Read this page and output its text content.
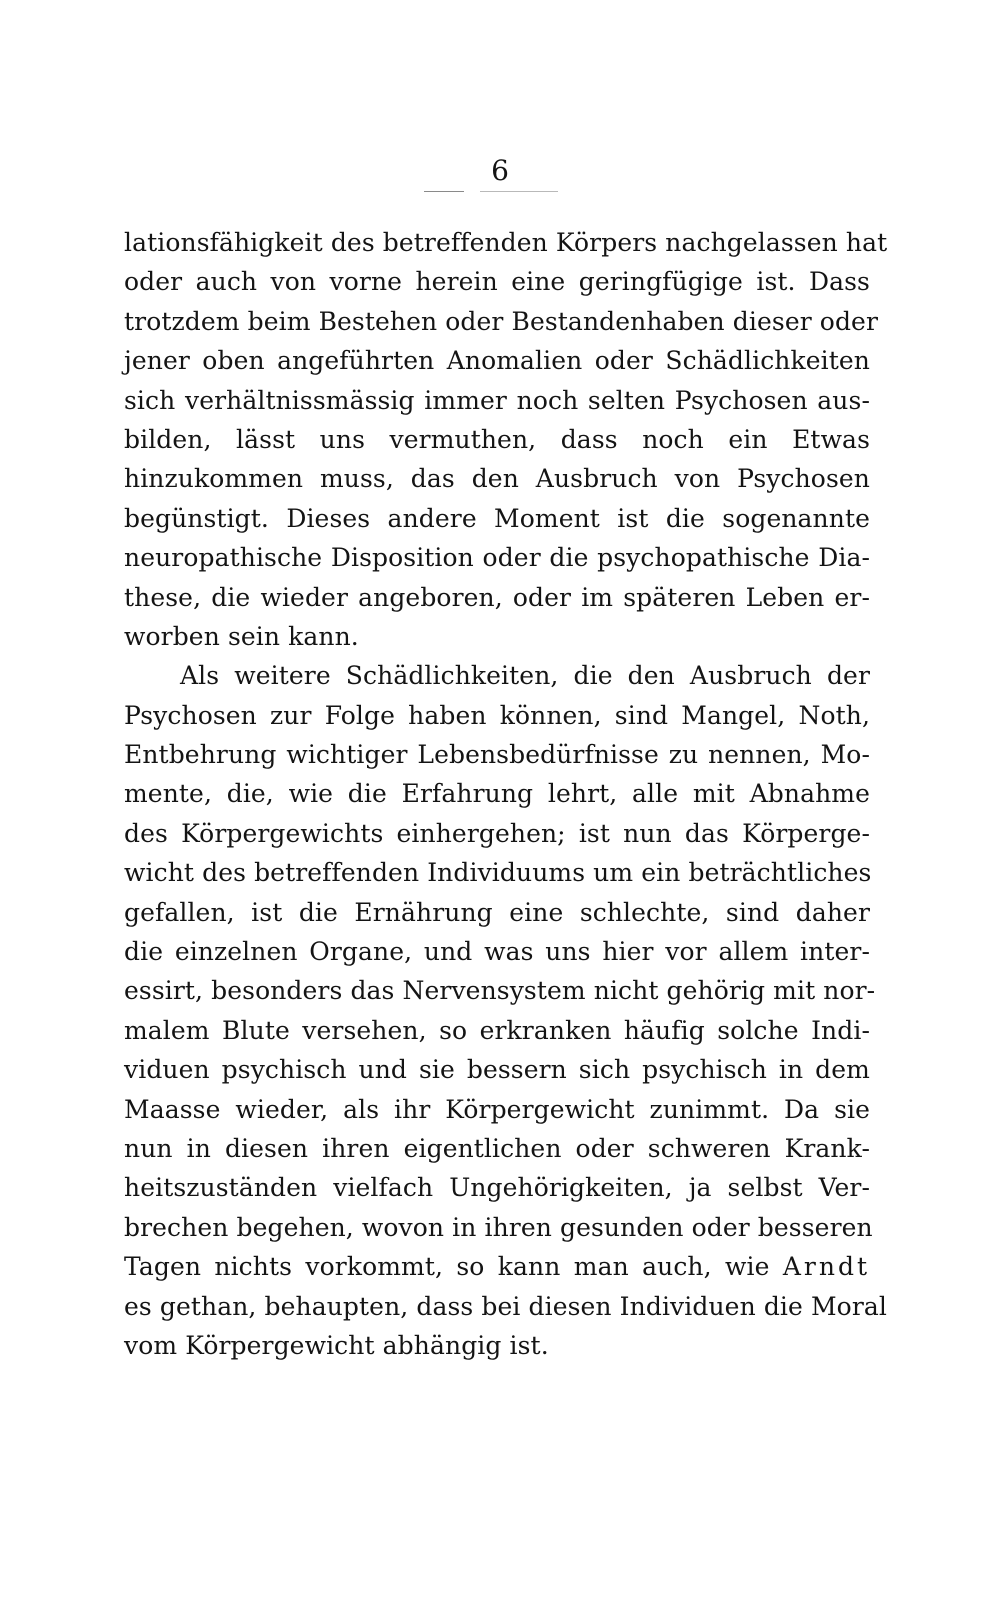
6
lationsfähigkeit des betreffenden Körpers nachgelassen hat
oder auch von vorne herein eine geringfügige ist. Dass
trotzdem beim Bestehen oder Bestandenhaben dieser oder
jener oben angeführten Anomalien oder Schädlichkeiten
sich verhältnissmässig immer noch selten Psychosen aus-
bilden, lässt uns vermuthen, dass noch ein Etwas
hinzukommen muss, das den Ausbruch von Psychosen
begünstigt. Dieses andere Moment ist die sogenannte
neuropathische Disposition oder die psychopathische Dia-
these, die wieder angeboren, oder im späteren Leben er-
worben sein kann.
Als weitere Schädlichkeiten, die den Ausbruch der
Psychosen zur Folge haben können, sind Mangel, Noth,
Entbehrung wichtiger Lebensbedürfnisse zu nennen, Mo-
mente, die, wie die Erfahrung lehrt, alle mit Abnahme
des Körpergewichts einhergehen; ist nun das Körperge-
wicht des betreffenden Individuums um ein beträchtliches
gefallen, ist die Ernährung eine schlechte, sind daher
die einzelnen Organe, und was uns hier vor allem inter-
essirt, besonders das Nervensystem nicht gehörig mit nor-
malem Blute versehen, so erkranken häufig solche Indi-
viduen psychisch und sie bessern sich psychisch in dem
Maasse wieder, als ihr Körpergewicht zunimmt. Da sie
nun in diesen ihren eigentlichen oder schweren Krank-
heitszuständen vielfach Ungehörigkeiten, ja selbst Ver-
brechen begehen, wovon in ihren gesunden oder besseren
Tagen nichts vorkommt, so kann man auch, wie Arndt
es gethan, behaupten, dass bei diesen Individuen die Moral
vom Körpergewicht abhängig ist.
